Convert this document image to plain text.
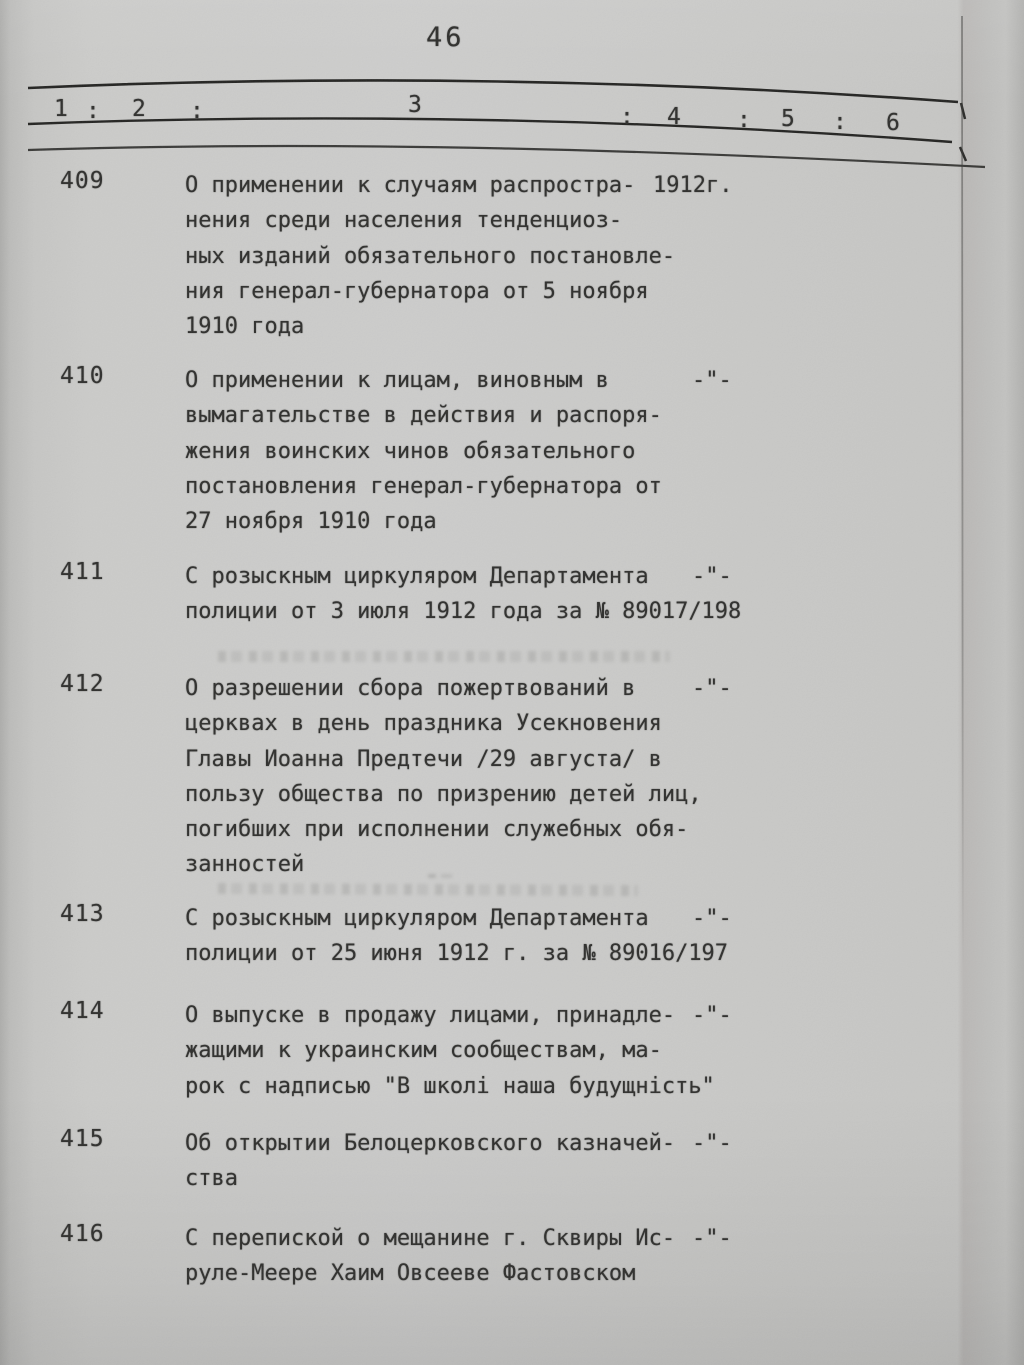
46
1 : 2 :	3	: 4 : 5 : 6
409	О применении к случаям распростра-
нения среди населения тенденциоз-
ных изданий обязательного постановле-
ния генерал-губернатора от 5 ноября
1910 года
1912г.
410	О применении к лицам, виновным в
вымагательстве в действия и распоря-
жения воинских чинов обязательного
постановления генерал-губернатора от
27 ноября 1910 года
-"-
411	С розыскным циркуляром Департамента
полиции от 3 июля 1912 года за № 89017/198
-"-
412	О разрешении сбора пожертвований в
церквах в день праздника Усекновения
Главы Иоанна Предтечи /29 августа/ в
пользу общества по призрению детей лиц,
погибших при исполнении служебных обя-
занностей
-"-
413	С розыскным циркуляром Департамента
полиции от 25 июня 1912 г. за № 89016/197
-"-
414	О выпуске в продажу лицами, принадле-
жащими к украинским сообществам, ма-
рок с надписью "В школі наша будущність"
-"-
415	Об открытии Белоцерковского казначей-
ства
-"-
416	С перепиской о мещанине г. Сквиры Ис-
руле-Меере Хаим Овсееве Фастовском
-"-
